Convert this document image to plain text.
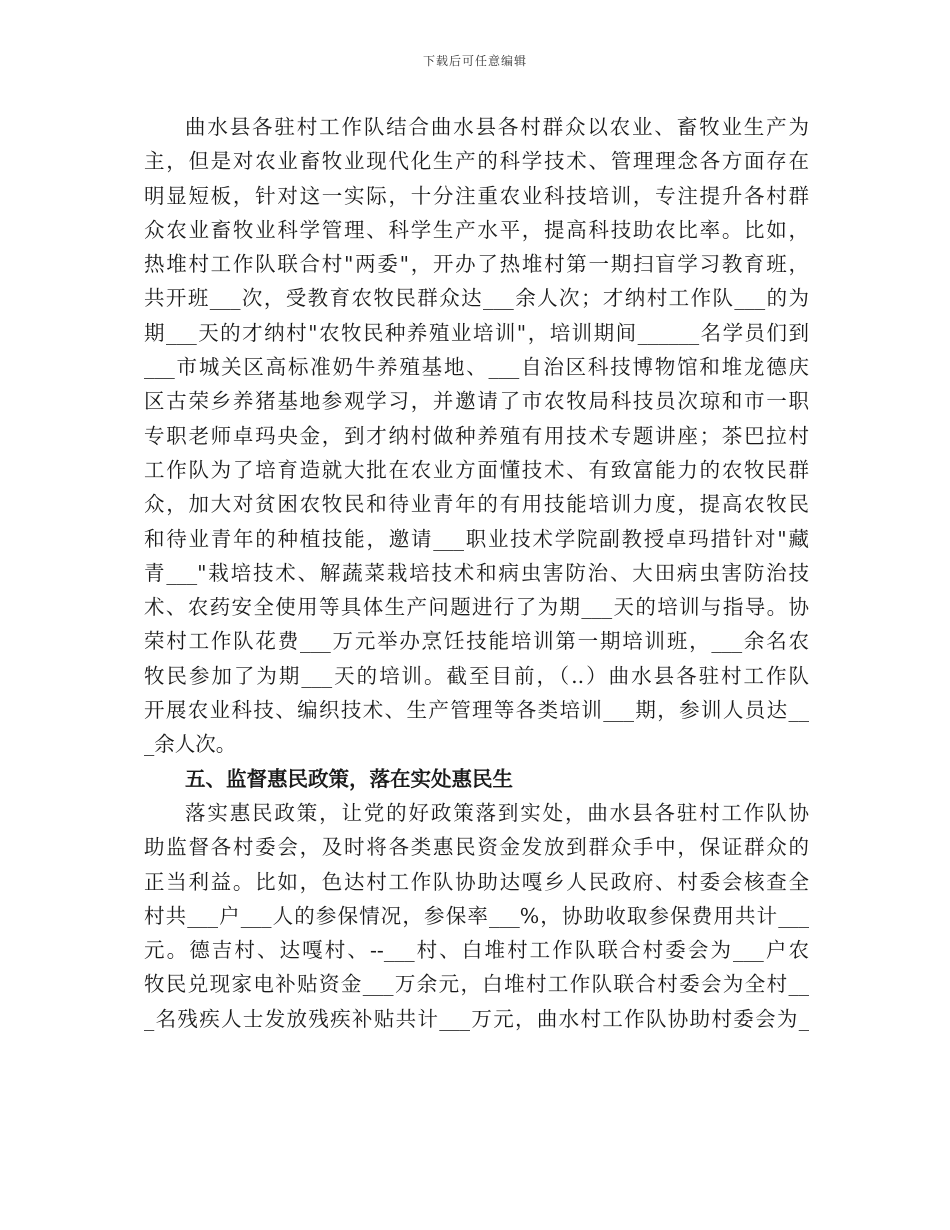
下载后可任意编辑
曲水县各驻村工作队结合曲水县各村群众以农业、畜牧业生产为
主，但是对农业畜牧业现代化生产的科学技术、管理理念各方面存在
明显短板，针对这一实际，十分注重农业科技培训，专注提升各村群
众农业畜牧业科学管理、科学生产水平，提高科技助农比率。比如，
热堆村工作队联合村"两委"，开办了热堆村第一期扫盲学习教育班，
共开班___次，受教育农牧民群众达___余人次；才纳村工作队___的为
期___天的才纳村"农牧民种养殖业培训"，培训期间______名学员们到
___市城关区高标准奶牛养殖基地、___自治区科技博物馆和堆龙德庆
区古荣乡养猪基地参观学习，并邀请了市农牧局科技员次琼和市一职
专职老师卓玛央金，到才纳村做种养殖有用技术专题讲座；茶巴拉村
工作队为了培育造就大批在农业方面懂技术、有致富能力的农牧民群
众，加大对贫困农牧民和待业青年的有用技能培训力度，提高农牧民
和待业青年的种植技能，邀请___职业技术学院副教授卓玛措针对"藏
青___"栽培技术、解蔬菜栽培技术和病虫害防治、大田病虫害防治技
术、农药安全使用等具体生产问题进行了为期___天的培训与指导。协
荣村工作队花费___万元举办烹饪技能培训第一期培训班，___余名农
牧民参加了为期___天的培训。截至目前，（..）曲水县各驻村工作队
开展农业科技、编织技术、生产管理等各类培训___期，参训人员达__
_余人次。
五、监督惠民政策，落在实处惠民生
落实惠民政策，让党的好政策落到实处，曲水县各驻村工作队协
助监督各村委会，及时将各类惠民资金发放到群众手中，保证群众的
正当利益。比如，色达村工作队协助达嘎乡人民政府、村委会核查全
村共___户___人的参保情况，参保率___%，协助收取参保费用共计___
元。德吉村、达嘎村、--___村、白堆村工作队联合村委会为___户农
牧民兑现家电补贴资金___万余元，白堆村工作队联合村委会为全村__
_名残疾人士发放残疾补贴共计___万元，曲水村工作队协助村委会为_
